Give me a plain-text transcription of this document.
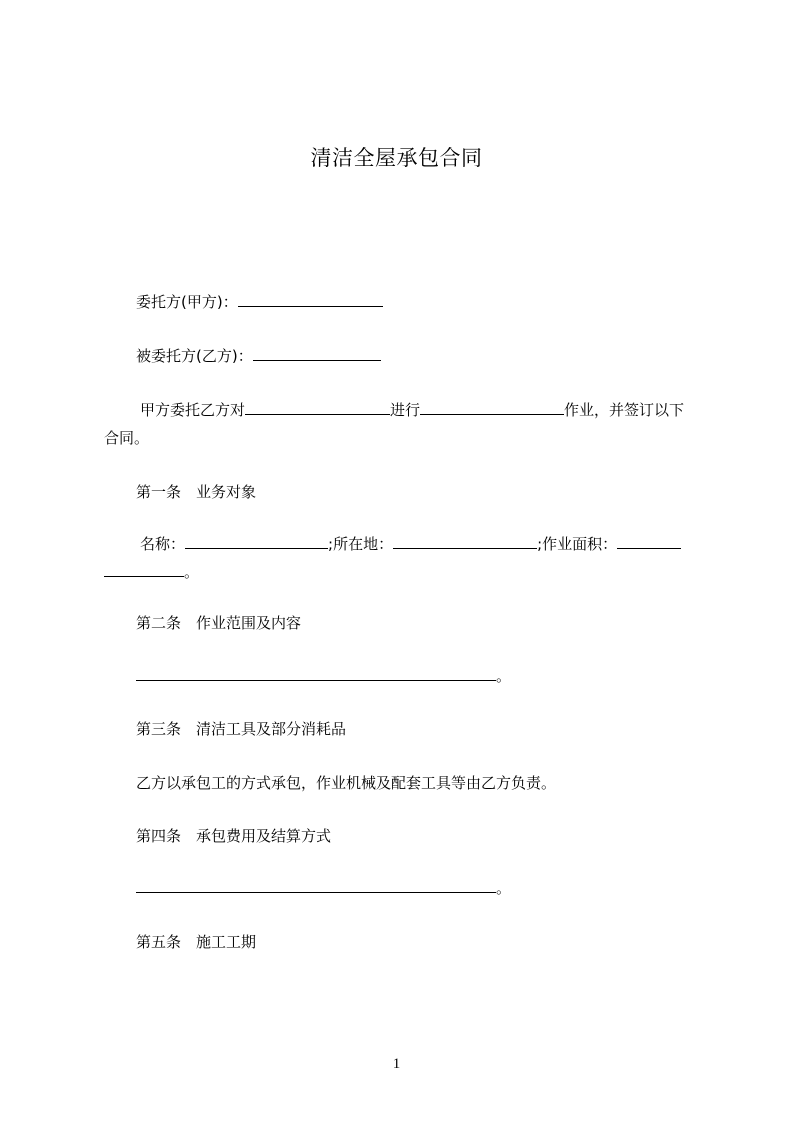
清洁全屋承包合同
委托方(甲方)：
被委托方(乙方)：
甲方委托乙方对	进行	作业，并签订以下
合同。
第一条　业务对象
名称：	;所在地：	;作业面积：
。
第二条　作业范围及内容
。
第三条　清洁工具及部分消耗品
乙方以承包工的方式承包，作业机械及配套工具等由乙方负责。
第四条　承包费用及结算方式
。
第五条　施工工期
1
